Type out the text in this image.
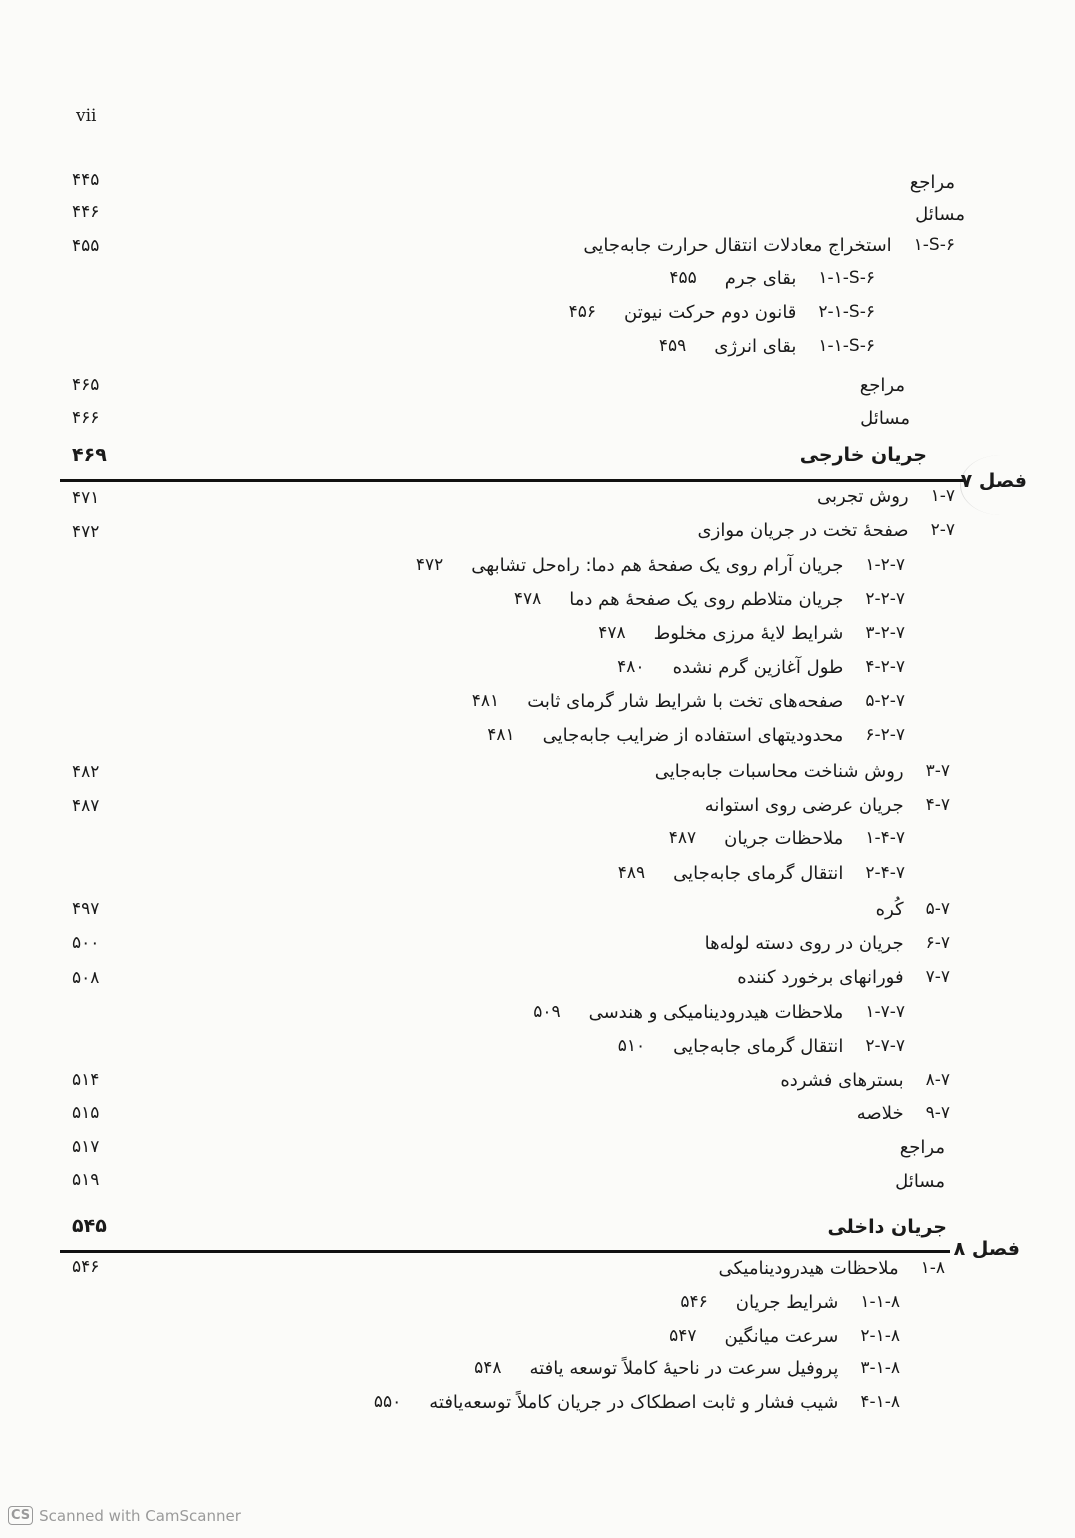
vii
مراجع
۴۴۵
مسائل
۴۴۶
۱-S-۶
استخراج معادلات انتقال حرارت جابه‌جایی
۴۵۵
۱-۱-S-۶
بقای جرم
۴۵۵
۲-۱-S-۶
قانون دوم حرکت نیوتن
۴۵۶
۱-۱-S-۶
بقای انرژی
۴۵۹
مراجع
۴۶۵
مسائل
۴۶۶
جریان خارجی
۴۶۹
فصل ۷
۱-۷
روش تجربی
۴۷۱
۲-۷
صفحهٔ تخت در جریان موازی
۴۷۲
۱-۲-۷
جریان آرام روی یک صفحهٔ هم دما: راه‌حل تشابهی
۴۷۲
۲-۲-۷
جریان متلاطم روی یک صفحهٔ هم دما
۴۷۸
۳-۲-۷
شرایط لایهٔ مرزی مخلوط
۴۷۸
۴-۲-۷
طول آغازین گرم نشده
۴۸۰
۵-۲-۷
صفحه‌های تخت با شرایط شار گرمای ثابت
۴۸۱
۶-۲-۷
محدودیتهای استفاده از ضرایب جابه‌جایی
۴۸۱
۳-۷
روش شناخت محاسبات جابه‌جایی
۴۸۲
۴-۷
جریان عرضی روی استوانه
۴۸۷
۱-۴-۷
ملاحظات جریان
۴۸۷
۲-۴-۷
انتقال گرمای جابه‌جایی
۴۸۹
۵-۷
کُره
۴۹۷
۶-۷
جریان در روی دسته لوله‌ها
۵۰۰
۷-۷
فورانهای برخورد کننده
۵۰۸
۱-۷-۷
ملاحظات هیدرودینامیکی و هندسی
۵۰۹
۲-۷-۷
انتقال گرمای جابه‌جایی
۵۱۰
۸-۷
بسترهای فشرده
۵۱۴
۹-۷
خلاصه
۵۱۵
مراجع
۵۱۷
مسائل
۵۱۹
جریان داخلی
۵۴۵
فصل ۸
۱-۸
ملاحظات هیدرودینامیکی
۵۴۶
۱-۱-۸
شرایط جریان
۵۴۶
۲-۱-۸
سرعت میانگین
۵۴۷
۳-۱-۸
پروفیل سرعت در ناحیهٔ کاملاً توسعه یافته
۵۴۸
۴-۱-۸
شیب فشار و ثابت اصطکاک در جریان کاملاً توسعه‌یافته
۵۵۰
CS Scanned with CamScanner
